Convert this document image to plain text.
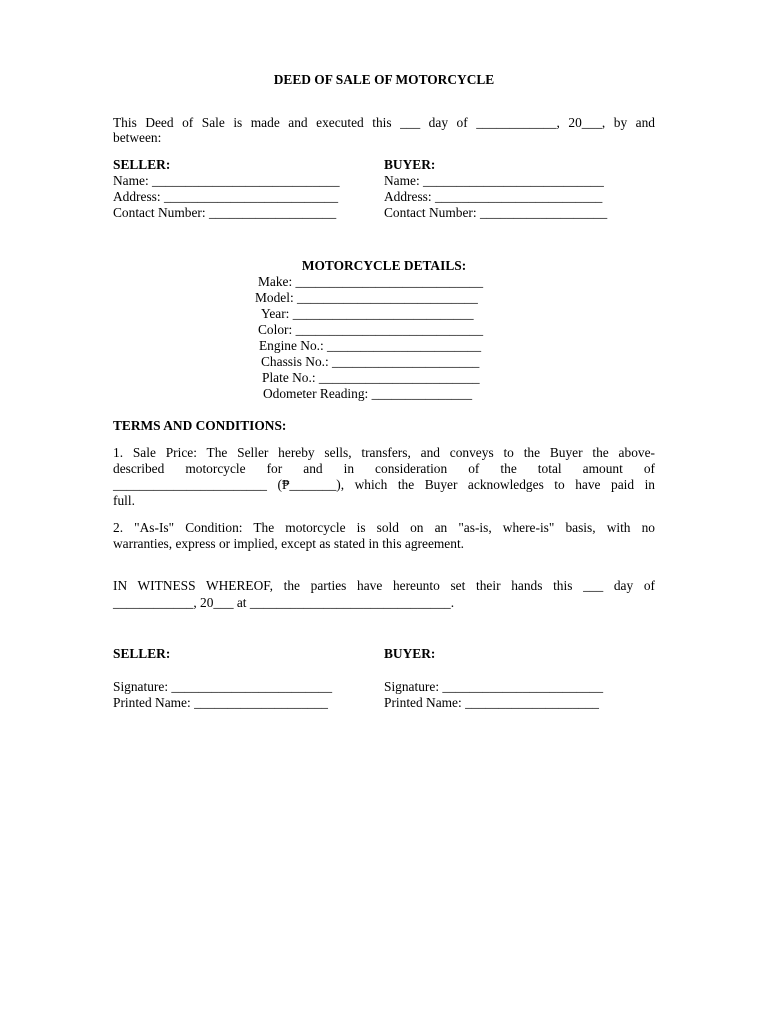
DEED OF SALE OF MOTORCYCLE
This Deed of Sale is made and executed this ___ day of ____________, 20___, by and
between:
SELLER:
Name: ____________________________
Address: __________________________
Contact Number: ___________________
BUYER:
Name: ___________________________
Address: _________________________
Contact Number: ___________________
MOTORCYCLE DETAILS:
Make: ____________________________
Model: ___________________________
Year: ___________________________
Color: ____________________________
Engine No.: _______________________
Chassis No.: ______________________
Plate No.: ________________________
Odometer Reading: _______________
TERMS AND CONDITIONS:
1. Sale Price: The Seller hereby sells, transfers, and conveys to the Buyer the above-
described motorcycle for and in consideration of the total amount of
_______________________ (₱_______), which the Buyer acknowledges to have paid in
full.
2. "As-Is" Condition: The motorcycle is sold on an "as-is, where-is" basis, with no
warranties, express or implied, except as stated in this agreement.
IN WITNESS WHEREOF, the parties have hereunto set their hands this ___ day of
____________, 20___ at ______________________________.
SELLER:
Signature: ________________________
Printed Name: ____________________
BUYER:
Signature: ________________________
Printed Name: ____________________
